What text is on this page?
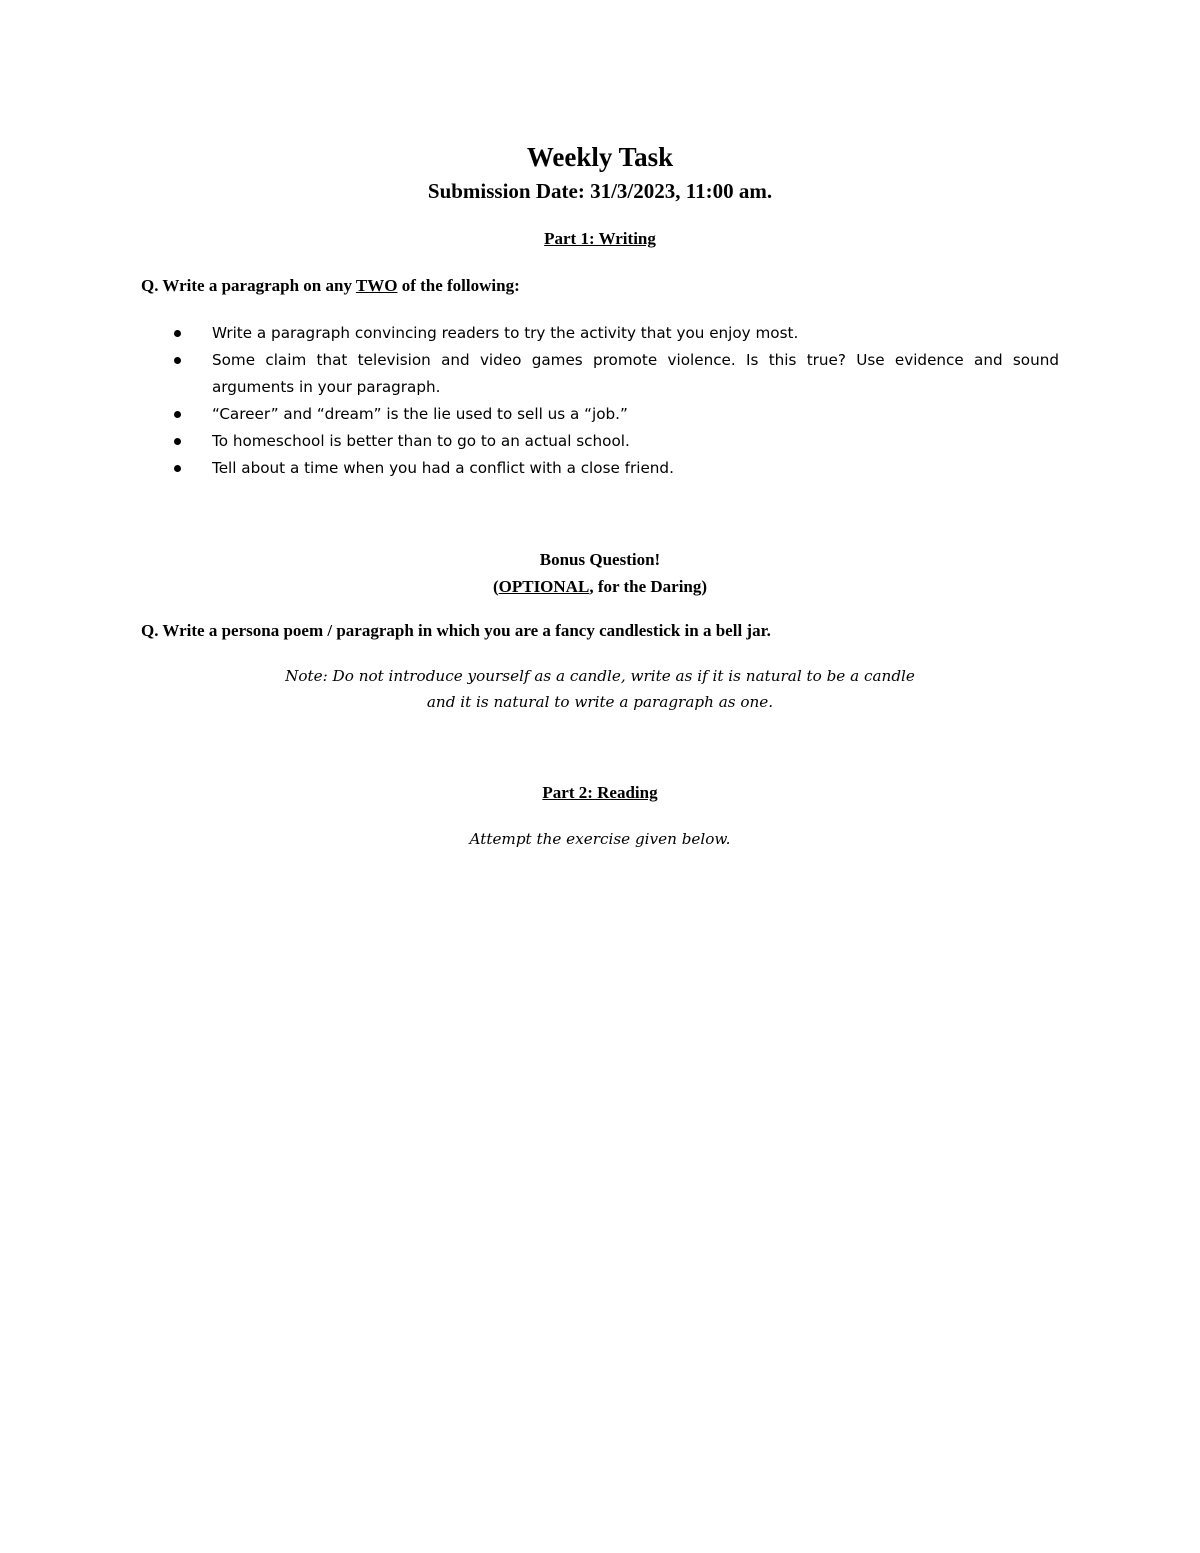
Weekly Task
Submission Date: 31/3/2023, 11:00 am.
Part 1: Writing
Q. Write a paragraph on any TWO of the following:
Write a paragraph convincing readers to try the activity that you enjoy most.
Some claim that television and video games promote violence. Is this true? Use evidence and sound arguments in your paragraph.
“Career” and “dream” is the lie used to sell us a “job.”
To homeschool is better than to go to an actual school.
Tell about a time when you had a conflict with a close friend.
Bonus Question!
(OPTIONAL, for the Daring)
Q. Write a persona poem / paragraph in which you are a fancy candlestick in a bell jar.
Note: Do not introduce yourself as a candle, write as if it is natural to be a candle
and it is natural to write a paragraph as one.
Part 2: Reading
Attempt the exercise given below.
